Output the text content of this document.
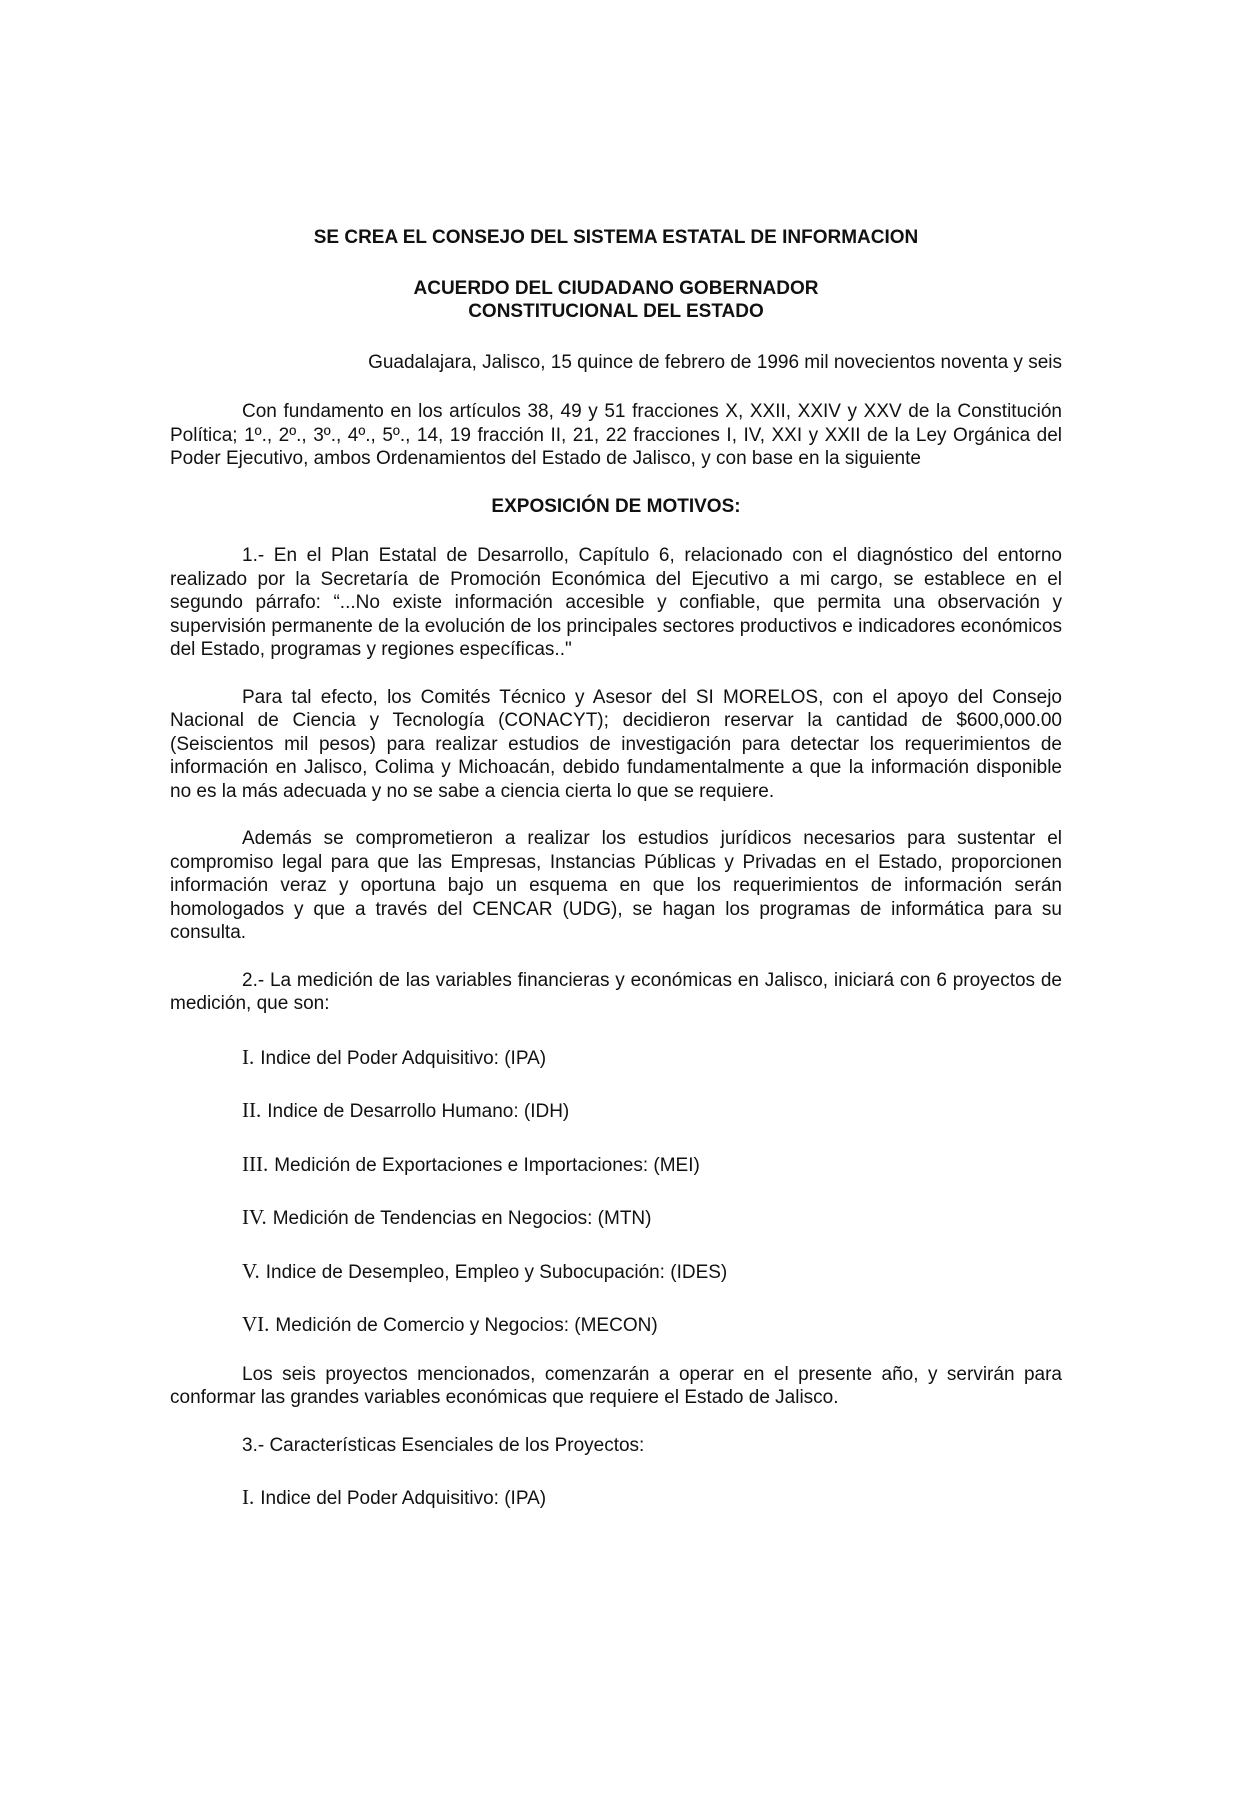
SE CREA EL CONSEJO DEL SISTEMA ESTATAL DE INFORMACION

ACUERDO DEL CIUDADANO GOBERNADOR

CONSTITUCIONAL DEL ESTADO

Guadalajara, Jalisco, 15 quince de febrero de 1996 mil novecientos noventa y seis

Con fundamento en los artículos 38, 49 y 51 fracciones X, XXII, XXIV y XXV de la Constitución Política; 1º., 2º., 3º., 4º., 5º., 14, 19 fracción II, 21, 22 fracciones I, IV, XXI y XXII de la Ley Orgánica del Poder Ejecutivo, ambos Ordenamientos del Estado de Jalisco, y con base en la siguiente

EXPOSICIÓN DE MOTIVOS:

1.- En el Plan Estatal de Desarrollo, Capítulo 6, relacionado con el diagnóstico del entorno realizado por la Secretaría de Promoción Económica del Ejecutivo a mi cargo, se establece en el segundo párrafo: “...No existe información accesible y confiable, que permita una observación y supervisión permanente de la evolución de los principales sectores productivos e indicadores económicos del Estado, programas y regiones específicas.."

Para tal efecto, los Comités Técnico y Asesor del SI MORELOS, con el apoyo del Consejo Nacional de Ciencia y Tecnología (CONACYT); decidieron reservar la cantidad de $600,000.00 (Seiscientos mil pesos) para realizar estudios de investigación para detectar los requerimientos de información en Jalisco, Colima y Michoacán, debido fundamentalmente a que la información disponible no es la más adecuada y no se sabe a ciencia cierta lo que se requiere.

Además se comprometieron a realizar los estudios jurídicos necesarios para sustentar el compromiso legal para que las Empresas, Instancias Públicas y Privadas en el Estado, proporcionen información veraz y oportuna bajo un esquema en que los requerimientos de información serán homologados y que a través del CENCAR (UDG), se hagan los programas de informática para su consulta.

2.- La medición de las variables financieras y económicas en Jalisco, iniciará con 6 proyectos de medición, que son:

I. Indice del Poder Adquisitivo: (IPA)
II. Indice de Desarrollo Humano: (IDH)
III. Medición de Exportaciones e Importaciones: (MEI)
IV. Medición de Tendencias en Negocios: (MTN)
V. Indice de Desempleo, Empleo y Subocupación: (IDES)
VI. Medición de Comercio y Negocios: (MECON)

Los seis proyectos mencionados, comenzarán a operar en el presente año, y servirán para conformar las grandes variables económicas que requiere el Estado de Jalisco.

3.- Características Esenciales de los Proyectos:

I. Indice del Poder Adquisitivo: (IPA)
